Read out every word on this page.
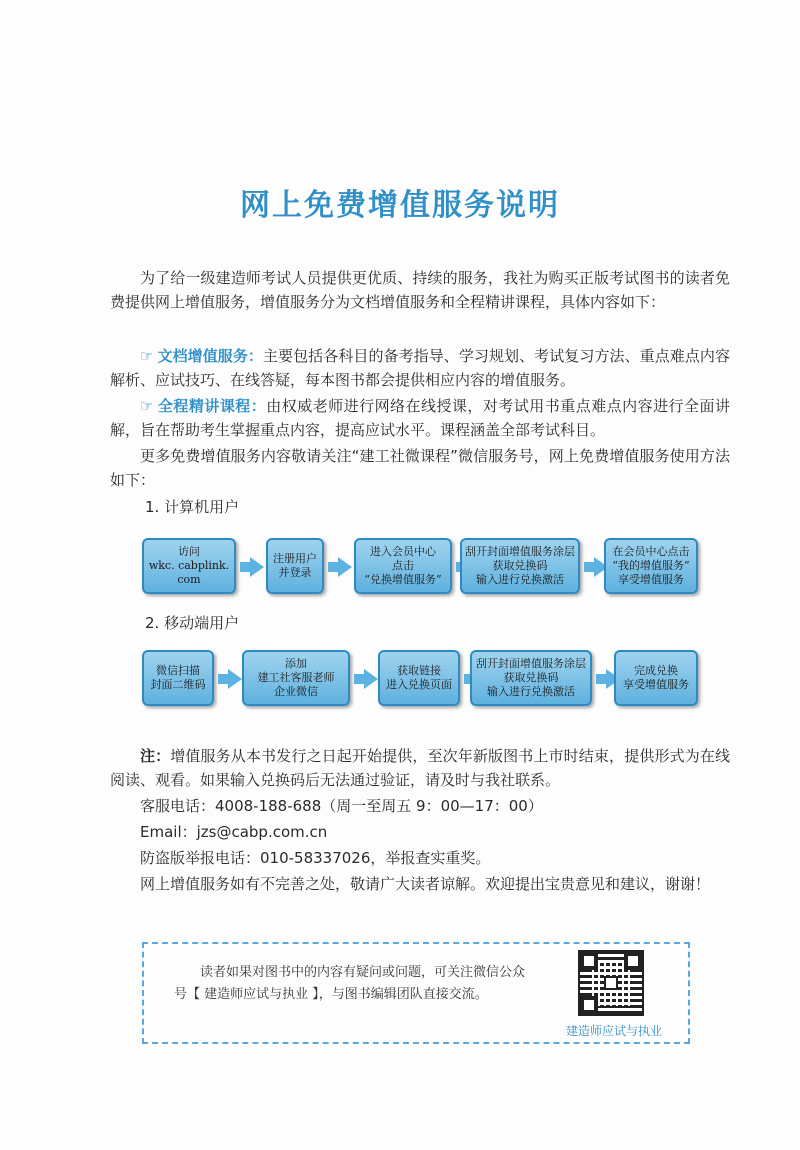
网上免费增值服务说明
为了给一级建造师考试人员提供更优质、持续的服务，我社为购买正版考试图书的读者免费提供网上增值服务，增值服务分为文档增值服务和全程精讲课程，具体内容如下：
☞ 文档增值服务：主要包括各科目的备考指导、学习规划、考试复习方法、重点难点内容解析、应试技巧、在线答疑，每本图书都会提供相应内容的增值服务。
☞ 全程精讲课程：由权威老师进行网络在线授课，对考试用书重点难点内容进行全面讲解，旨在帮助考生掌握重点内容，提高应试水平。课程涵盖全部考试科目。
更多免费增值服务内容敬请关注“建工社微课程”微信服务号，网上免费增值服务使用方法如下：
1. 计算机用户
访问
wkc. cabplink. com
注册用户
并登录
进入会员中心
点击
“兑换增值服务”
刮开封面增值服务涂层
获取兑换码
输入进行兑换激活
在会员中心点击
“我的增值服务”
享受增值服务
2. 移动端用户
微信扫描
封面二维码
添加
建工社客服老师
企业微信
获取链接
进入兑换页面
刮开封面增值服务涂层
获取兑换码
输入进行兑换激活
完成兑换
享受增值服务
注：增值服务从本书发行之日起开始提供，至次年新版图书上市时结束，提供形式为在线阅读、观看。如果输入兑换码后无法通过验证，请及时与我社联系。
客服电话：4008-188-688（周一至周五 9：00—17：00）
Email：jzs@cabp.com.cn
防盗版举报电话：010-58337026，举报查实重奖。
网上增值服务如有不完善之处，敬请广大读者谅解。欢迎提出宝贵意见和建议，谢谢！
读者如果对图书中的内容有疑问或问题，可关注微信公众号【 建造师应试与执业 】，与图书编辑团队直接交流。
建造师应试与执业
